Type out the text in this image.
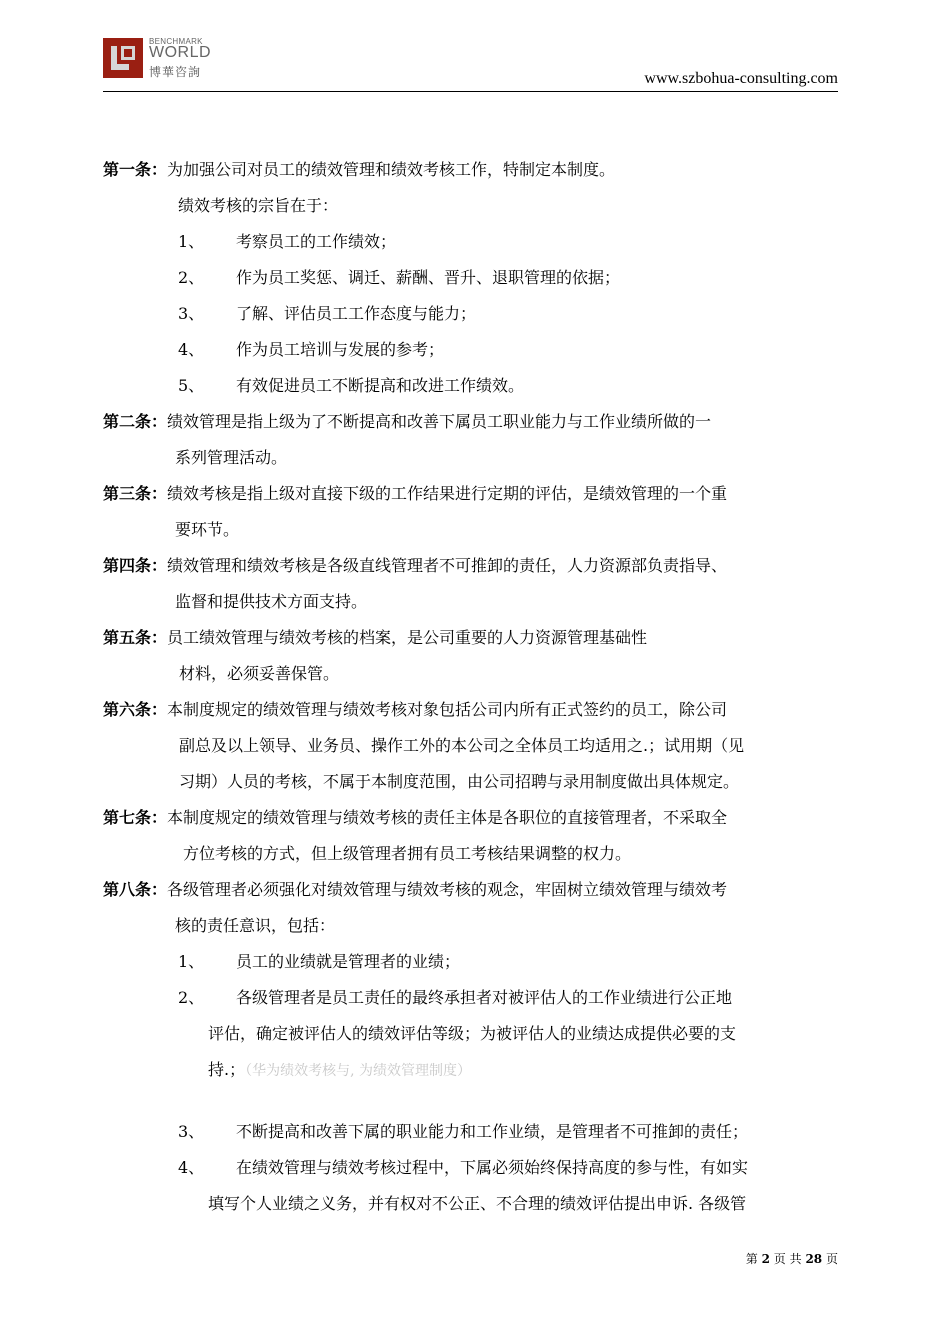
BENCHMARK
WORLD
博華咨詢	www.szbohua-consulting.com
第一条：为加强公司对员工的绩效管理和绩效考核工作，特制定本制度。
绩效考核的宗旨在于：
1、 考察员工的工作绩效；
2、 作为员工奖惩、调迁、薪酬、晋升、退职管理的依据；
3、 了解、评估员工工作态度与能力；
4、 作为员工培训与发展的参考；
5、 有效促进员工不断提高和改进工作绩效。
第二条：绩效管理是指上级为了不断提高和改善下属员工职业能力与工作业绩所做的一
系列管理活动。
第三条：绩效考核是指上级对直接下级的工作结果进行定期的评估，是绩效管理的一个重
要环节。
第四条：绩效管理和绩效考核是各级直线管理者不可推卸的责任，人力资源部负责指导、
监督和提供技术方面支持。
第五条：员工绩效管理与绩效考核的档案，是公司重要的人力资源管理基础性
材料，必须妥善保管。
第六条：本制度规定的绩效管理与绩效考核对象包括公司内所有正式签约的员工，除公司
副总及以上领导、业务员、操作工外的本公司之全体员工均适用之.；试用期（见
习期）人员的考核，不属于本制度范围，由公司招聘与录用制度做出具体规定。
第七条：本制度规定的绩效管理与绩效考核的责任主体是各职位的直接管理者，不采取全
方位考核的方式，但上级管理者拥有员工考核结果调整的权力。
第八条：各级管理者必须强化对绩效管理与绩效考核的观念，牢固树立绩效管理与绩效考
核的责任意识，包括：
1、 员工的业绩就是管理者的业绩；
2、 各级管理者是员工责任的最终承担者对被评估人的工作业绩进行公正地
评估，确定被评估人的绩效评估等级；为被评估人的业绩达成提供必要的支
持.；（华为绩效考核与, 为绩效管理制度）
3、 不断提高和改善下属的职业能力和工作业绩，是管理者不可推卸的责任；
4、 在绩效管理与绩效考核过程中，下属必须始终保持高度的参与性，有如实
填写个人业绩之义务，并有权对不公正、不合理的绩效评估提出申诉. 各级管
第 2 页 共 28 页
